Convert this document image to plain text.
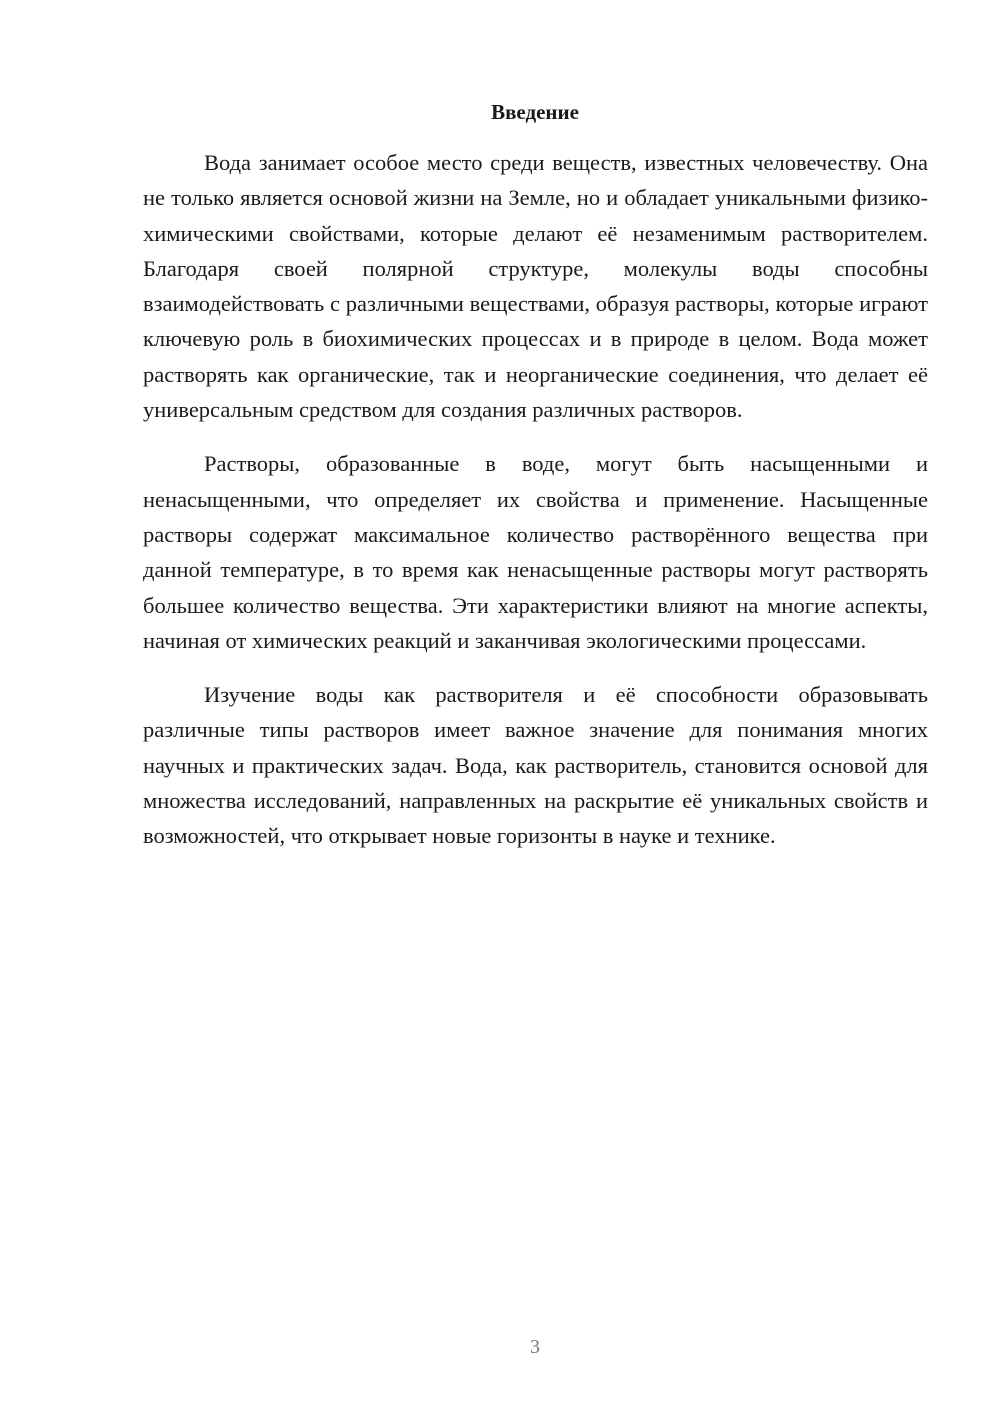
Введение

Вода занимает особое место среди веществ, известных человечеству. Она не только является основой жизни на Земле, но и обладает уникальными физико-химическими свойствами, которые делают её незаменимым растворителем. Благодаря своей полярной структуре, молекулы воды способны взаимодействовать с различными веществами, образуя растворы, которые играют ключевую роль в биохимических процессах и в природе в целом. Вода может растворять как органические, так и неорганические соединения, что делает её универсальным средством для создания различных растворов.

Растворы, образованные в воде, могут быть насыщенными и ненасыщенными, что определяет их свойства и применение. Насыщенные растворы содержат максимальное количество растворённого вещества при данной температуре, в то время как ненасыщенные растворы могут растворять большее количество вещества. Эти характеристики влияют на многие аспекты, начиная от химических реакций и заканчивая экологическими процессами.

Изучение воды как растворителя и её способности образовывать различные типы растворов имеет важное значение для понимания многих научных и практических задач. Вода, как растворитель, становится основой для множества исследований, направленных на раскрытие её уникальных свойств и возможностей, что открывает новые горизонты в науке и технике.

3
